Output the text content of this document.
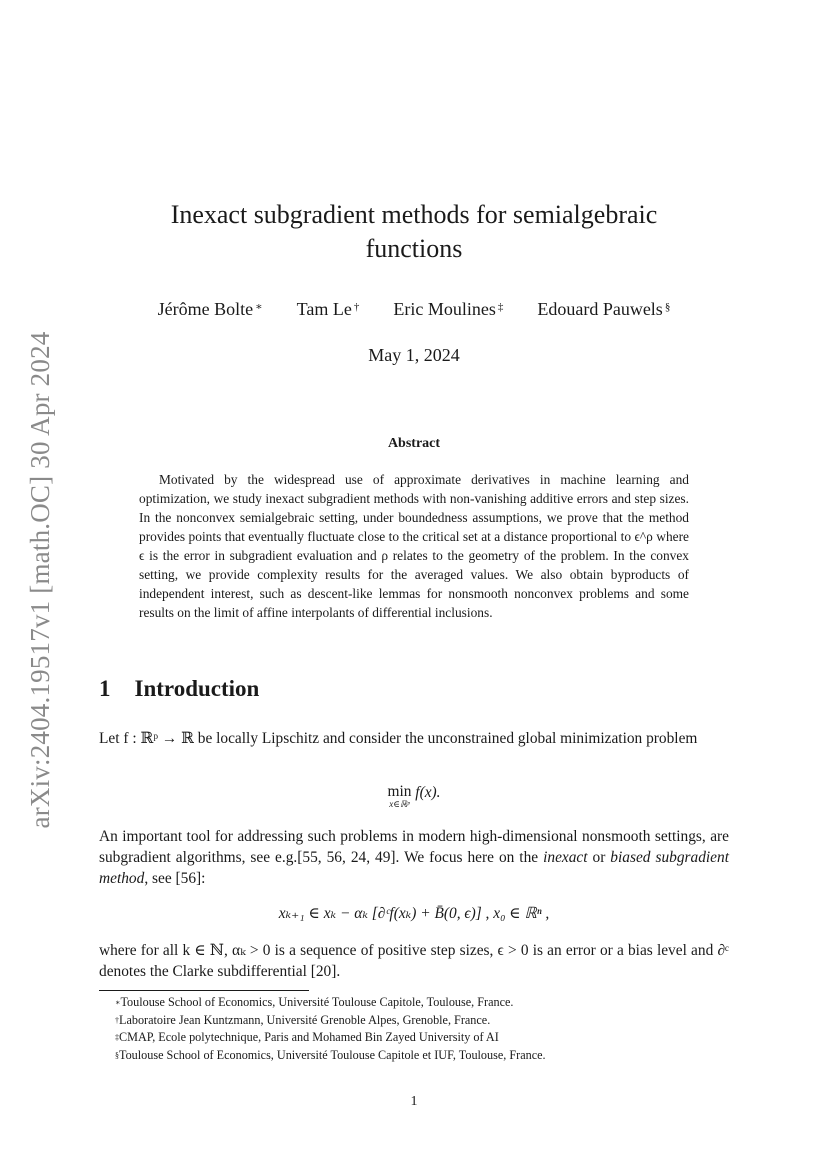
arXiv:2404.19517v1 [math.OC] 30 Apr 2024
Inexact subgradient methods for semialgebraic
functions
Jérôme Bolte ∗ Tam Le † Eric Moulines ‡ Edouard Pauwels §
May 1, 2024
Abstract
Motivated by the widespread use of approximate derivatives in machine learning and optimization, we study inexact subgradient methods with non-vanishing additive errors and step sizes. In the nonconvex semialgebraic setting, under boundedness assumptions, we prove that the method provides points that eventually fluctuate close to the critical set at a distance proportional to ϵ^ρ where ϵ is the error in subgradient evaluation and ρ relates to the geometry of the problem. In the convex setting, we provide complexity results for the averaged values. We also obtain byproducts of independent interest, such as descent-like lemmas for nonsmooth nonconvex problems and some results on the limit of affine interpolants of differential inclusions.
1 Introduction
Let f : ℝᵖ → ℝ be locally Lipschitz and consider the unconstrained global minimization problem
min
x∈ℝᵖ
f(x).
An important tool for addressing such problems in modern high-dimensional nonsmooth settings, are subgradient algorithms, see e.g.[55, 56, 24, 49]. We focus here on the inexact or biased subgradient method, see [56]:
xₖ₊₁ ∈ xₖ − αₖ [∂ᶜf(xₖ) + B̄(0, ϵ)] , x₀ ∈ ℝⁿ ,
where for all k ∈ ℕ, αₖ > 0 is a sequence of positive step sizes, ϵ > 0 is an error or a bias level and ∂ᶜ denotes the Clarke subdifferential [20].
∗Toulouse School of Economics, Université Toulouse Capitole, Toulouse, France.
†Laboratoire Jean Kuntzmann, Université Grenoble Alpes, Grenoble, France.
‡CMAP, Ecole polytechnique, Paris and Mohamed Bin Zayed University of AI
§Toulouse School of Economics, Université Toulouse Capitole et IUF, Toulouse, France.
1
